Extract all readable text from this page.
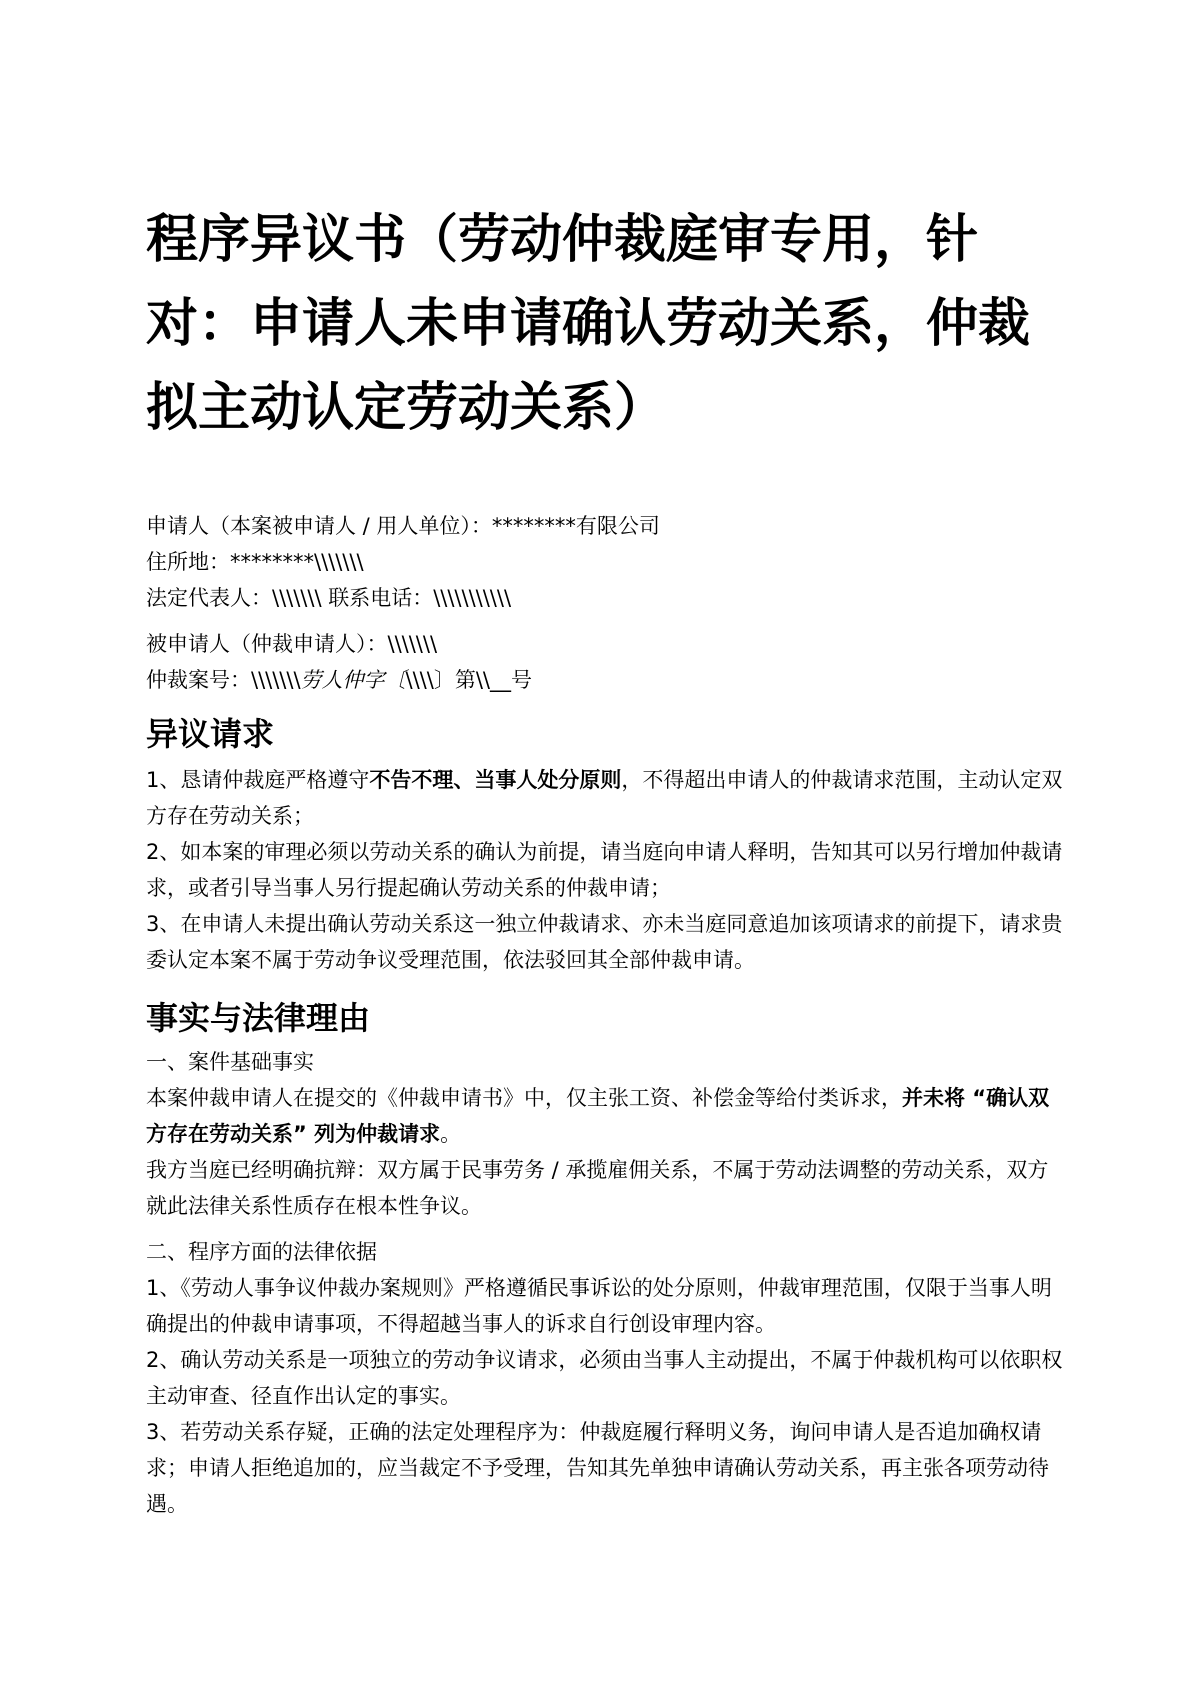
程序异议书（劳动仲裁庭审专用，针对：申请人未申请确认劳动关系，仲裁拟主动认定劳动关系）
申请人（本案被申请人 / 用人单位）：********有限公司
住所地：********\\\\\\\
法定代表人：\\\\\\\ 联系电话：\\\\\\\\\\\
被申请人（仲裁申请人）：\\\\\\\
仲裁案号：\\\\\\\劳人仲字〔\\\\〕第\\__号
异议请求

1、恳请仲裁庭严格遵守不告不理、当事人处分原则，不得超出申请人的仲裁请求范围，主动认定双方存在劳动关系；

2、如本案的审理必须以劳动关系的确认为前提，请当庭向申请人释明，告知其可以另行增加仲裁请求，或者引导当事人另行提起确认劳动关系的仲裁申请；

3、在申请人未提出确认劳动关系这一独立仲裁请求、亦未当庭同意追加该项请求的前提下，请求贵委认定本案不属于劳动争议受理范围，依法驳回其全部仲裁申请。

事实与法律理由

一、案件基础事实

本案仲裁申请人在提交的《仲裁申请书》中，仅主张工资、补偿金等给付类诉求，并未将 “确认双方存在劳动关系” 列为仲裁请求。

我方当庭已经明确抗辩：双方属于民事劳务 / 承揽雇佣关系，不属于劳动法调整的劳动关系，双方就此法律关系性质存在根本性争议。

二、程序方面的法律依据

1、《劳动人事争议仲裁办案规则》严格遵循民事诉讼的处分原则，仲裁审理范围，仅限于当事人明确提出的仲裁申请事项，不得超越当事人的诉求自行创设审理内容。

2、确认劳动关系是一项独立的劳动争议请求，必须由当事人主动提出，不属于仲裁机构可以依职权主动审查、径直作出认定的事实。

3、若劳动关系存疑，正确的法定处理程序为：仲裁庭履行释明义务，询问申请人是否追加确权请求；申请人拒绝追加的，应当裁定不予受理，告知其先单独申请确认劳动关系，再主张各项劳动待遇。
